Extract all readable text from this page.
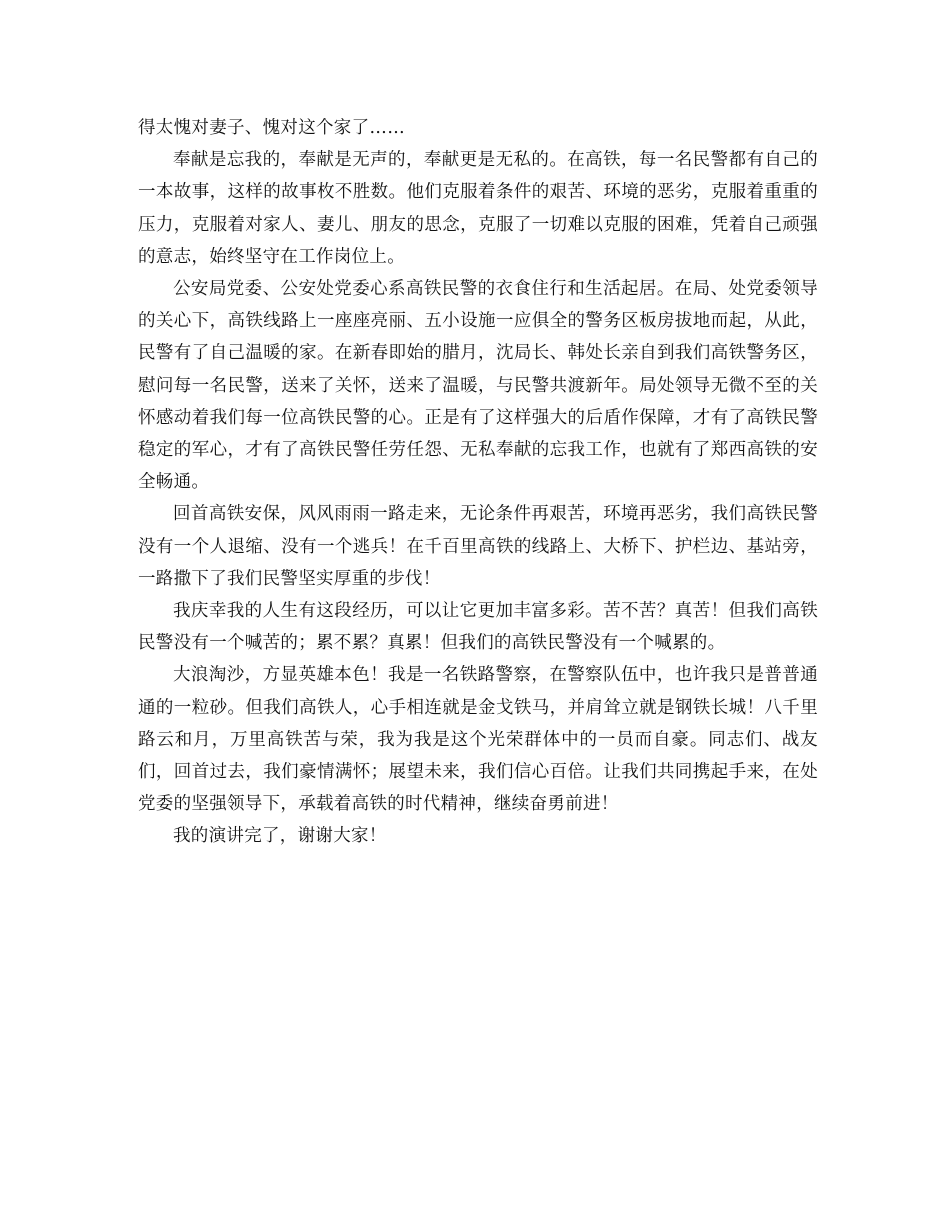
得太愧对妻子、愧对这个家了……

奉献是忘我的，奉献是无声的，奉献更是无私的。在高铁，每一名民警都有自己的一本故事，这样的故事枚不胜数。他们克服着条件的艰苦、环境的恶劣，克服着重重的压力，克服着对家人、妻儿、朋友的思念，克服了一切难以克服的困难，凭着自己顽强的意志，始终坚守在工作岗位上。

公安局党委、公安处党委心系高铁民警的衣食住行和生活起居。在局、处党委领导的关心下，高铁线路上一座座亮丽、五小设施一应俱全的警务区板房拔地而起，从此，民警有了自己温暖的家。在新春即始的腊月，沈局长、韩处长亲自到我们高铁警务区，慰问每一名民警，送来了关怀，送来了温暖，与民警共渡新年。局处领导无微不至的关怀感动着我们每一位高铁民警的心。正是有了这样强大的后盾作保障，才有了高铁民警稳定的军心，才有了高铁民警任劳任怨、无私奉献的忘我工作，也就有了郑西高铁的安全畅通。

回首高铁安保，风风雨雨一路走来，无论条件再艰苦，环境再恶劣，我们高铁民警没有一个人退缩、没有一个逃兵！在千百里高铁的线路上、大桥下、护栏边、基站旁，一路撒下了我们民警坚实厚重的步伐！

我庆幸我的人生有这段经历，可以让它更加丰富多彩。苦不苦？真苦！但我们高铁民警没有一个喊苦的；累不累？真累！但我们的高铁民警没有一个喊累的。

大浪淘沙，方显英雄本色！我是一名铁路警察，在警察队伍中，也许我只是普普通通的一粒砂。但我们高铁人，心手相连就是金戈铁马，并肩耸立就是钢铁长城！八千里路云和月，万里高铁苦与荣，我为我是这个光荣群体中的一员而自豪。同志们、战友们，回首过去，我们豪情满怀；展望未来，我们信心百倍。让我们共同携起手来，在处党委的坚强领导下，承载着高铁的时代精神，继续奋勇前进！

我的演讲完了，谢谢大家！
